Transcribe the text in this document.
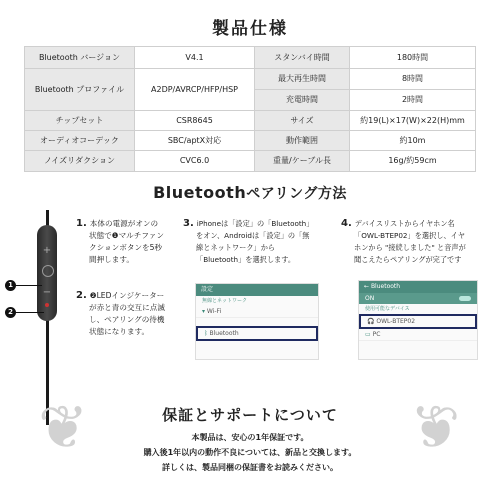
製品仕様
Bluetooth バージョン	V4.1	スタンバイ時間	180時間
Bluetooth プロファイル	A2DP/AVRCP/HFP/HSP	最大再生時間	8時間
		充電時間	2時間
チップセット	CSR8645	サイズ	約19(L)×17(W)×22(H)mm
オーディオコーデック	SBC/aptX対応	動作範囲	約10m
ノイズリダクション	CVC6.0	重量/ケーブル長	16g/約59cm
Bluetoothペアリング方法
+
−
1
2
1. 本体の電源がオンの
状態で❶マルチファン
クションボタンを5秒
間押します。
2. ❷LEDインジケーター
が赤と青の交互に点滅
し、ペアリングの待機
状態になります。
3. iPhoneは「設定」の「Bluetooth」
をオン、Androidは「設定」の「無
線とネットワーク」から
「Bluetooth」を選択します。
4. デバイスリストからイヤホン名
「OWL-BTEP02」を選択し、イヤ
ホンから "接続しました" と音声が
聞こえたらペアリングが完了です
設定
無線とネットワーク
▾ Wi-Fi
ᛒ Bluetooth
← Bluetooth
ON
使用可能なデバイス
🎧 OWL-BTEP02
▭ PC
❦	❦
保証とサポートについて
本製品は、安心の1年保証です。
購入後1年以内の動作不良については、新品と交換します。
詳しくは、製品同梱の保証書をお読みください。
